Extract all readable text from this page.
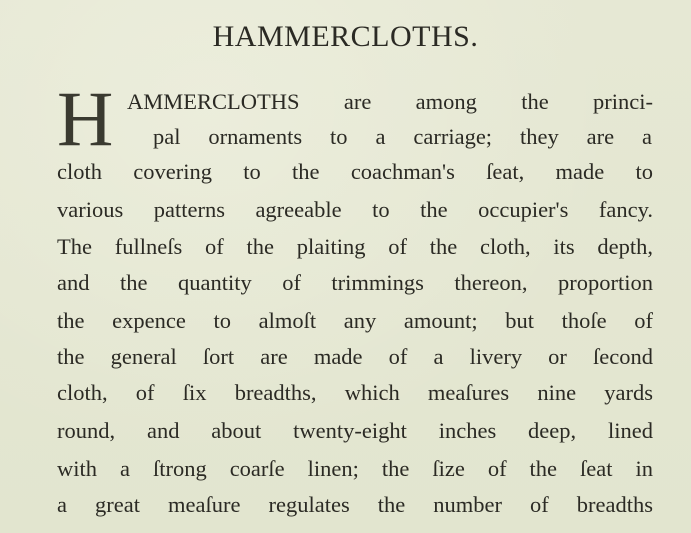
HAMMERCLOTHS.
H AMMERCLOTHS are among the princi-
pal ornaments to a carriage; they are a
cloth covering to the coachman's ſeat, made to
various patterns agreeable to the occupier's fancy.
The fullneſs of the plaiting of the cloth, its depth,
and the quantity of trimmings thereon, proportion
the expence to almoſt any amount; but thoſe of
the general ſort are made of a livery or ſecond
cloth, of ſix breadths, which meaſures nine yards
round, and about twenty-eight inches deep, lined
with a ſtrong coarſe linen; the ſize of the ſeat in
a great meaſure regulates the number of breadths
